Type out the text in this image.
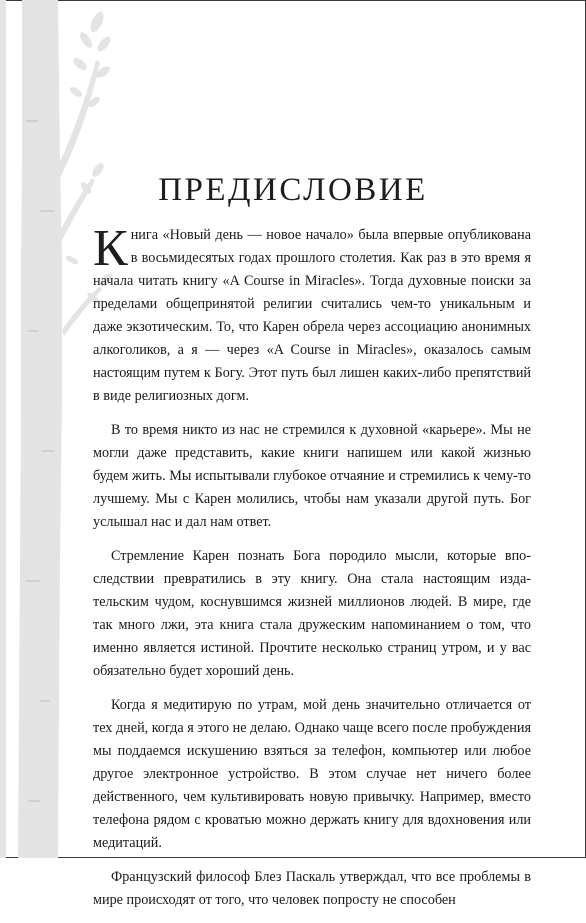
ПРЕДИСЛОВИЕ

Книга «Новый день — новое начало» была впервые опубликована в восьмидесятых годах прошлого столетия. Как раз в это время я начала читать книгу «A Course in Miracles». Тогда духовные поиски за пределами общепринятой религии считались чем-то уникальным и даже экзотическим. То, что Карен обрела через ассоциацию анонимных алкоголиков, а я — через «A Course in Miracles», оказалось самым настоящим путем к Богу. Этот путь был лишен каких-либо препятствий в виде религиозных догм.

В то время никто из нас не стремился к духовной «карьере». Мы не могли даже представить, какие книги напишем или какой жизнью будем жить. Мы испытывали глубокое отчаяние и стремились к чему-то лучшему. Мы с Карен молились, чтобы нам указали другой путь. Бог услышал нас и дал нам ответ.

Стремление Карен познать Бога породило мысли, которые впоследствии превратились в эту книгу. Она стала настоящим издательским чудом, коснувшимся жизней миллионов людей. В мире, где так много лжи, эта книга стала дружеским напоминанием о том, что именно является истиной. Прочтите несколько страниц утром, и у вас обязательно будет хороший день.

Когда я медитирую по утрам, мой день значительно отличается от тех дней, когда я этого не делаю. Однако чаще всего после пробуждения мы поддаемся искушению взяться за телефон, компьютер или любое другое электронное устройство. В этом случае нет ничего более действенного, чем культивировать новую привычку. Например, вместо телефона рядом с кроватью можно держать книгу для вдохновения или медитаций.

Французский философ Блез Паскаль утверждал, что все проблемы в мире происходят от того, что человек попросту не способен
